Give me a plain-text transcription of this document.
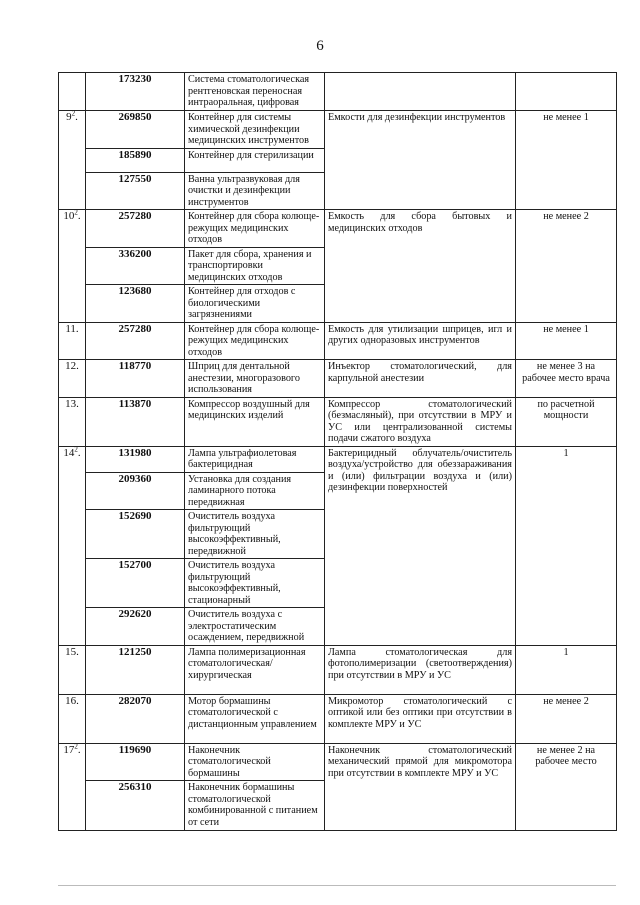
6
	173230	Система стоматологическая рентгеновская переносная интраоральная, цифровая		
$9^2$.	269850	Контейнер для системы химической дезинфекции медицинских инструментов	Емкости для дезинфекции инструментов	не менее 1
	185890	Контейнер для стерилизации		
	127550	Ванна ультразвуковая для очистки и дезинфекции инструментов		
$10^2$.	257280	Контейнер для сбора колюще-режущих медицинских отходов	Емкость для сбора бытовых и медицинских отходов	не менее 2
	336200	Пакет для сбора, хранения и транспортировки медицинских отходов		
	123680	Контейнер для отходов с биологическими загрязнениями		
11.	257280	Контейнер для сбора колюще-режущих медицинских отходов	Емкость для утилизации шприцев, игл и других одноразовых инструментов	не менее 1
12.	118770	Шприц для дентальной анестезии, многоразового использования	Инъектор стоматологический, для карпульной анестезии	не менее 3 на рабочее место врача
13.	113870	Компрессор воздушный для медицинских изделий	Компрессор стоматологический (безмасляный), при отсутствии в МРУ и УС или централизованной системы подачи сжатого воздуха	по расчетной мощности
$14^2$.	131980	Лампа ультрафиолетовая бактерицидная	Бактерицидный облучатель/очиститель воздуха/устройство для обеззараживания и (или) фильтрации воздуха и (или) дезинфекции поверхностей	1
	209360	Установка для создания ламинарного потока передвижная		
	152690	Очиститель воздуха фильтрующий высокоэффективный, передвижной		
	152700	Очиститель воздуха фильтрующий высокоэффективный, стационарный		
	292620	Очиститель воздуха с электростатическим осаждением, передвижной		
15.	121250	Лампа полимеризационная стоматологическая/хирургическая	Лампа стоматологическая для фотополимеризации (светоотверждения) при отсутствии в МРУ и УС	1
16.	282070	Мотор бормашины стоматологической с дистанционным управлением	Микромотор стоматологический с оптикой или без оптики при отсутствии в комплекте МРУ и УС	не менее 2
$17^2$.	119690	Наконечник стоматологической бормашины	Наконечник стоматологический механический прямой для микромотора при отсутствии в комплекте МРУ и УС	не менее 2 на рабочее место
	256310	Наконечник бормашины стоматологической комбинированной с питанием от сети		
